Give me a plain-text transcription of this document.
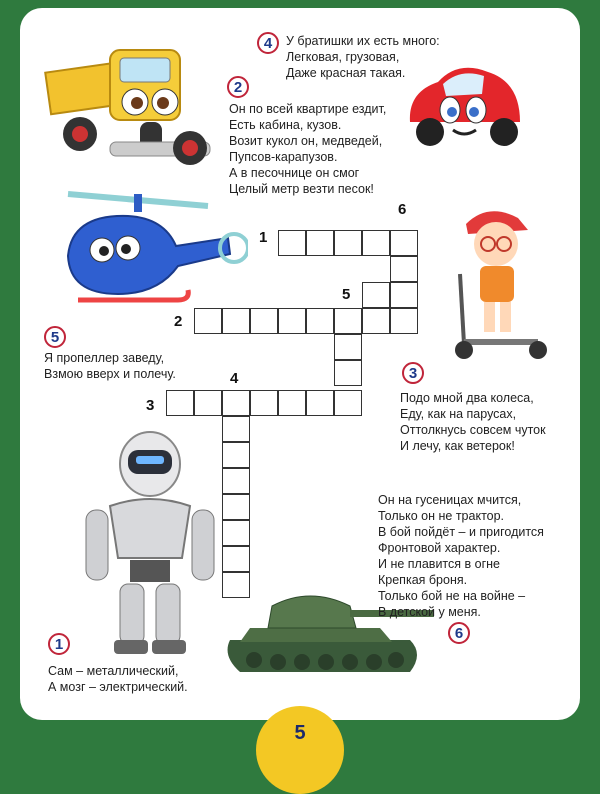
4	У братишки их есть много:
Легковая, грузовая,
Даже красная такая.
2
Он по всей квартире ездит,
Есть кабина, кузов.
Возит кукол он, медведей,
Пупсов-карапузов.
А в песочнице он смог
Целый метр везти песок!
5
Я пропеллер заведу,
Взмою вверх и полечу.	3
Подо мной два колеса,
Еду, как на парусах,
Оттолкнусь совсем чуток
И лечу, как ветерок!
Он на гусеницах мчится,
Только он не трактор.
В бой пойдёт – и пригодится
Фронтовой характер.
И не плавится в огне
Крепкая броня.
Только бой не на войне –
В детской у меня.
6
1
Сам – металлический,
А мозг – электрический.
1
2
3
4
5
6
5
